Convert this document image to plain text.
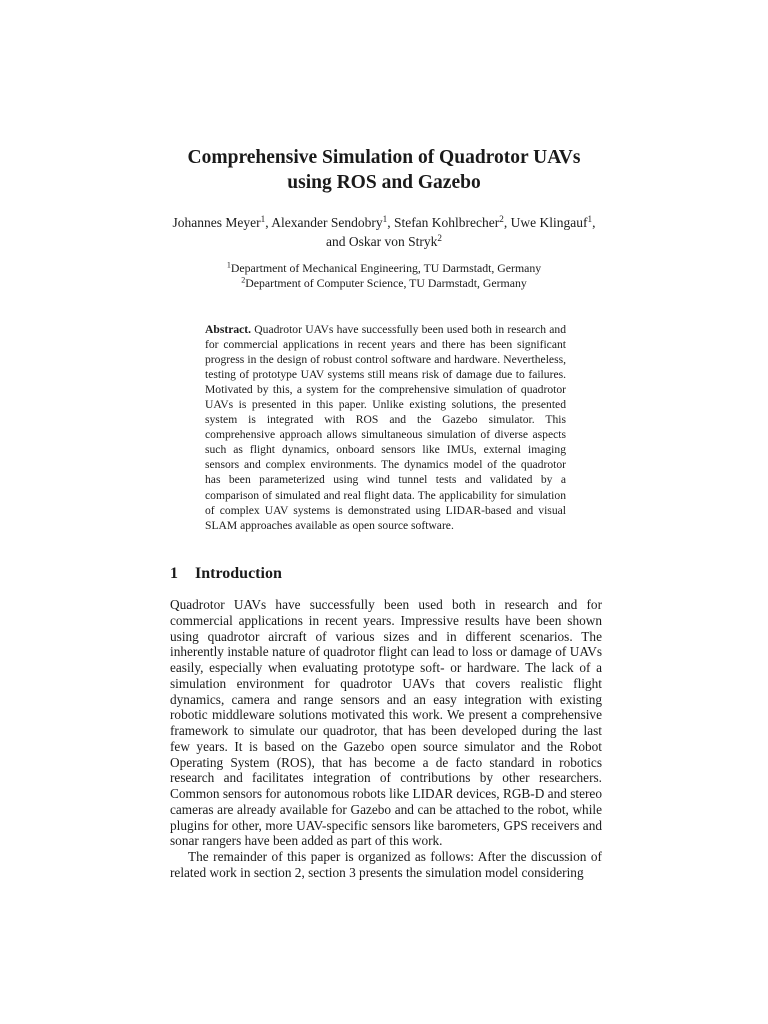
Comprehensive Simulation of Quadrotor UAVs
using ROS and Gazebo
Johannes Meyer$^1$, Alexander Sendobry$^1$, Stefan Kohlbrecher$^2$, Uwe Klingauf$^1$,
and Oskar von Stryk$^2$
$^1$Department of Mechanical Engineering, TU Darmstadt, Germany
$^2$Department of Computer Science, TU Darmstadt, Germany
Abstract. Quadrotor UAVs have successfully been used both in research and for commercial applications in recent years and there has been significant progress in the design of robust control software and hardware. Nevertheless, testing of prototype UAV systems still means risk of damage due to failures. Motivated by this, a system for the comprehensive simulation of quadrotor UAVs is presented in this paper. Unlike existing solutions, the presented system is integrated with ROS and the Gazebo simulator. This comprehensive approach allows simultaneous simulation of diverse aspects such as flight dynamics, onboard sensors like IMUs, external imaging sensors and complex environments. The dynamics model of the quadrotor has been parameterized using wind tunnel tests and validated by a comparison of simulated and real flight data. The applicability for simulation of complex UAV systems is demonstrated using LIDAR-based and visual SLAM approaches available as open source software.
1 Introduction

Quadrotor UAVs have successfully been used both in research and for commercial applications in recent years. Impressive results have been shown using quadrotor aircraft of various sizes and in different scenarios. The inherently instable nature of quadrotor flight can lead to loss or damage of UAVs easily, especially when evaluating prototype soft- or hardware. The lack of a simulation environment for quadrotor UAVs that covers realistic flight dynamics, camera and range sensors and an easy integration with existing robotic middleware solutions motivated this work. We present a comprehensive framework to simulate our quadrotor, that has been developed during the last few years. It is based on the Gazebo open source simulator and the Robot Operating System (ROS), that has become a de facto standard in robotics research and facilitates integration of contributions by other researchers. Common sensors for autonomous robots like LIDAR devices, RGB-D and stereo cameras are already available for Gazebo and can be attached to the robot, while plugins for other, more UAV-specific sensors like barometers, GPS receivers and sonar rangers have been added as part of this work.

The remainder of this paper is organized as follows: After the discussion of related work in section 2, section 3 presents the simulation model considering
